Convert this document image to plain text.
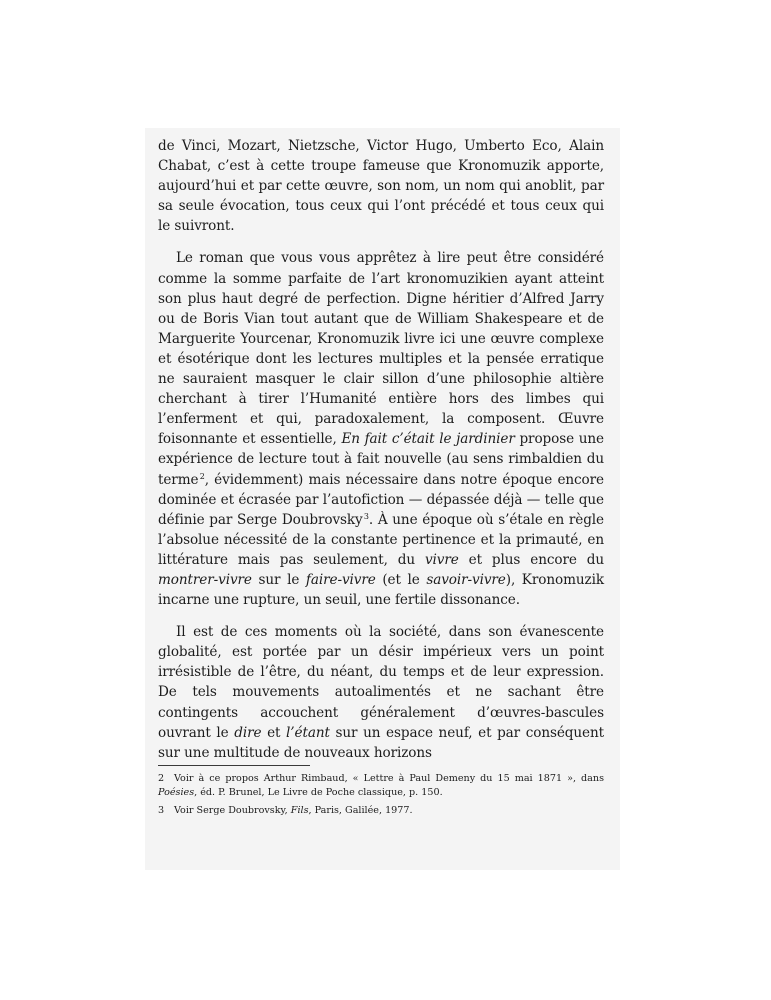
de Vinci, Mozart, Nietzsche, Victor Hugo, Umberto Eco, Alain Chabat, c’est à cette troupe fameuse que Kronomuzik apporte, aujourd’hui et par cette œuvre, son nom, un nom qui anoblit, par sa seule évocation, tous ceux qui l’ont précédé et tous ceux qui le suivront.

Le roman que vous vous apprêtez à lire peut être considéré comme la somme parfaite de l’art kronomuzikien ayant atteint son plus haut degré de perfection. Digne héritier d’Alfred Jarry ou de Boris Vian tout autant que de William Shakespeare et de Marguerite Yourcenar, Kronomuzik livre ici une œuvre complexe et ésotérique dont les lectures multiples et la pensée erratique ne sauraient masquer le clair sillon d’une philosophie altière cherchant à tirer l’Humanité entière hors des limbes qui l’enferment et qui, paradoxalement, la composent. Œuvre foisonnante et essentielle, En fait c’était le jardinier propose une expérience de lecture tout à fait nouvelle (au sens rimbaldien du terme $^2$, évidemment) mais nécessaire dans notre époque encore dominée et écrasée par l’autofiction — dépassée déjà — telle que définie par Serge Doubrovsky $^3$. À une époque où s’étale en règle l’absolue nécessité de la constante pertinence et la primauté, en littérature mais pas seulement, du vivre et plus encore du montrer-vivre sur le faire-vivre (et le savoir-vivre), Kronomuzik incarne une rupture, un seuil, une fertile dissonance.

Il est de ces moments où la société, dans son évanescente globalité, est portée par un désir impérieux vers un point irrésistible de l’être, du néant, du temps et de leur expression. De tels mouvements autoalimentés et ne sachant être contingents accouchent généralement d’œuvres-bascules ouvrant le dire et l’étant sur un espace neuf, et par conséquent sur une multitude de nouveaux horizons

2 Voir à ce propos Arthur Rimbaud, « Lettre à Paul Demeny du 15 mai 1871 », dans Poésies, éd. P. Brunel, Le Livre de Poche classique, p. 150.

3 Voir Serge Doubrovsky, Fils, Paris, Galilée, 1977.
